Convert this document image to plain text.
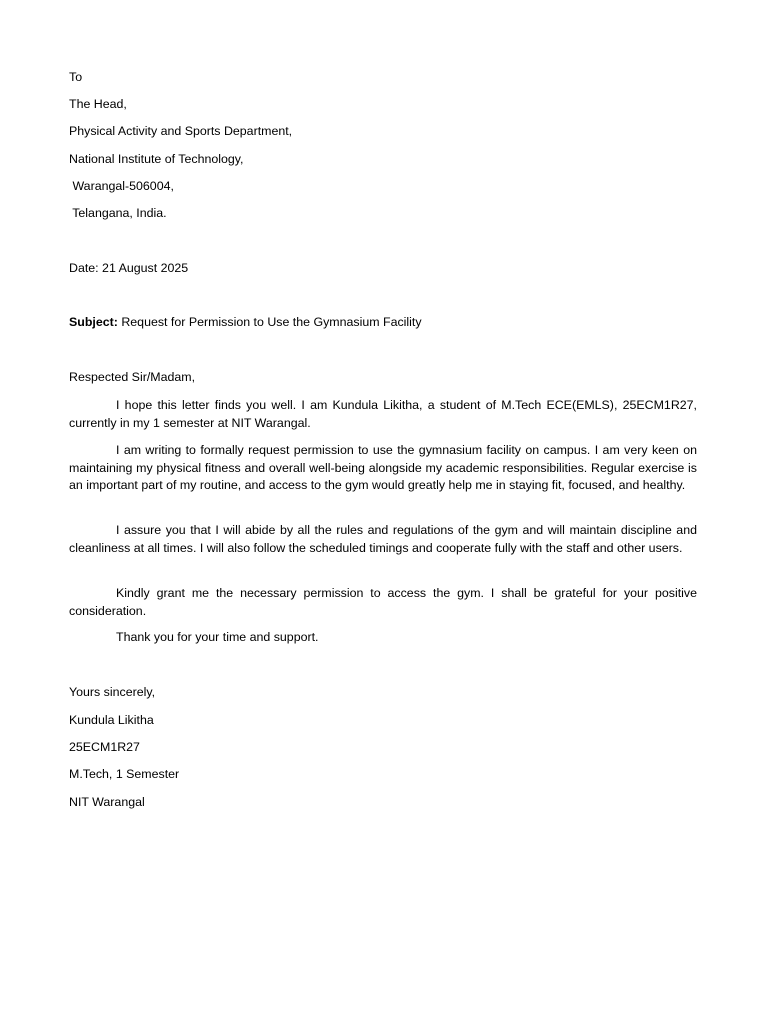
To
The Head,
Physical Activity and Sports Department,
National Institute of Technology,
Warangal-506004,
Telangana, India.
Date: 21 August 2025
Subject: Request for Permission to Use the Gymnasium Facility
Respected Sir/Madam,
I hope this letter finds you well. I am Kundula Likitha, a student of M.Tech ECE(EMLS), 25ECM1R27, currently in my 1 semester at NIT Warangal.
I am writing to formally request permission to use the gymnasium facility on campus. I am very keen on maintaining my physical fitness and overall well-being alongside my academic responsibilities. Regular exercise is an important part of my routine, and access to the gym would greatly help me in staying fit, focused, and healthy.
I assure you that I will abide by all the rules and regulations of the gym and will maintain discipline and cleanliness at all times. I will also follow the scheduled timings and cooperate fully with the staff and other users.
Kindly grant me the necessary permission to access the gym. I shall be grateful for your positive consideration.
Thank you for your time and support.
Yours sincerely,
Kundula Likitha
25ECM1R27
M.Tech, 1 Semester
NIT Warangal
